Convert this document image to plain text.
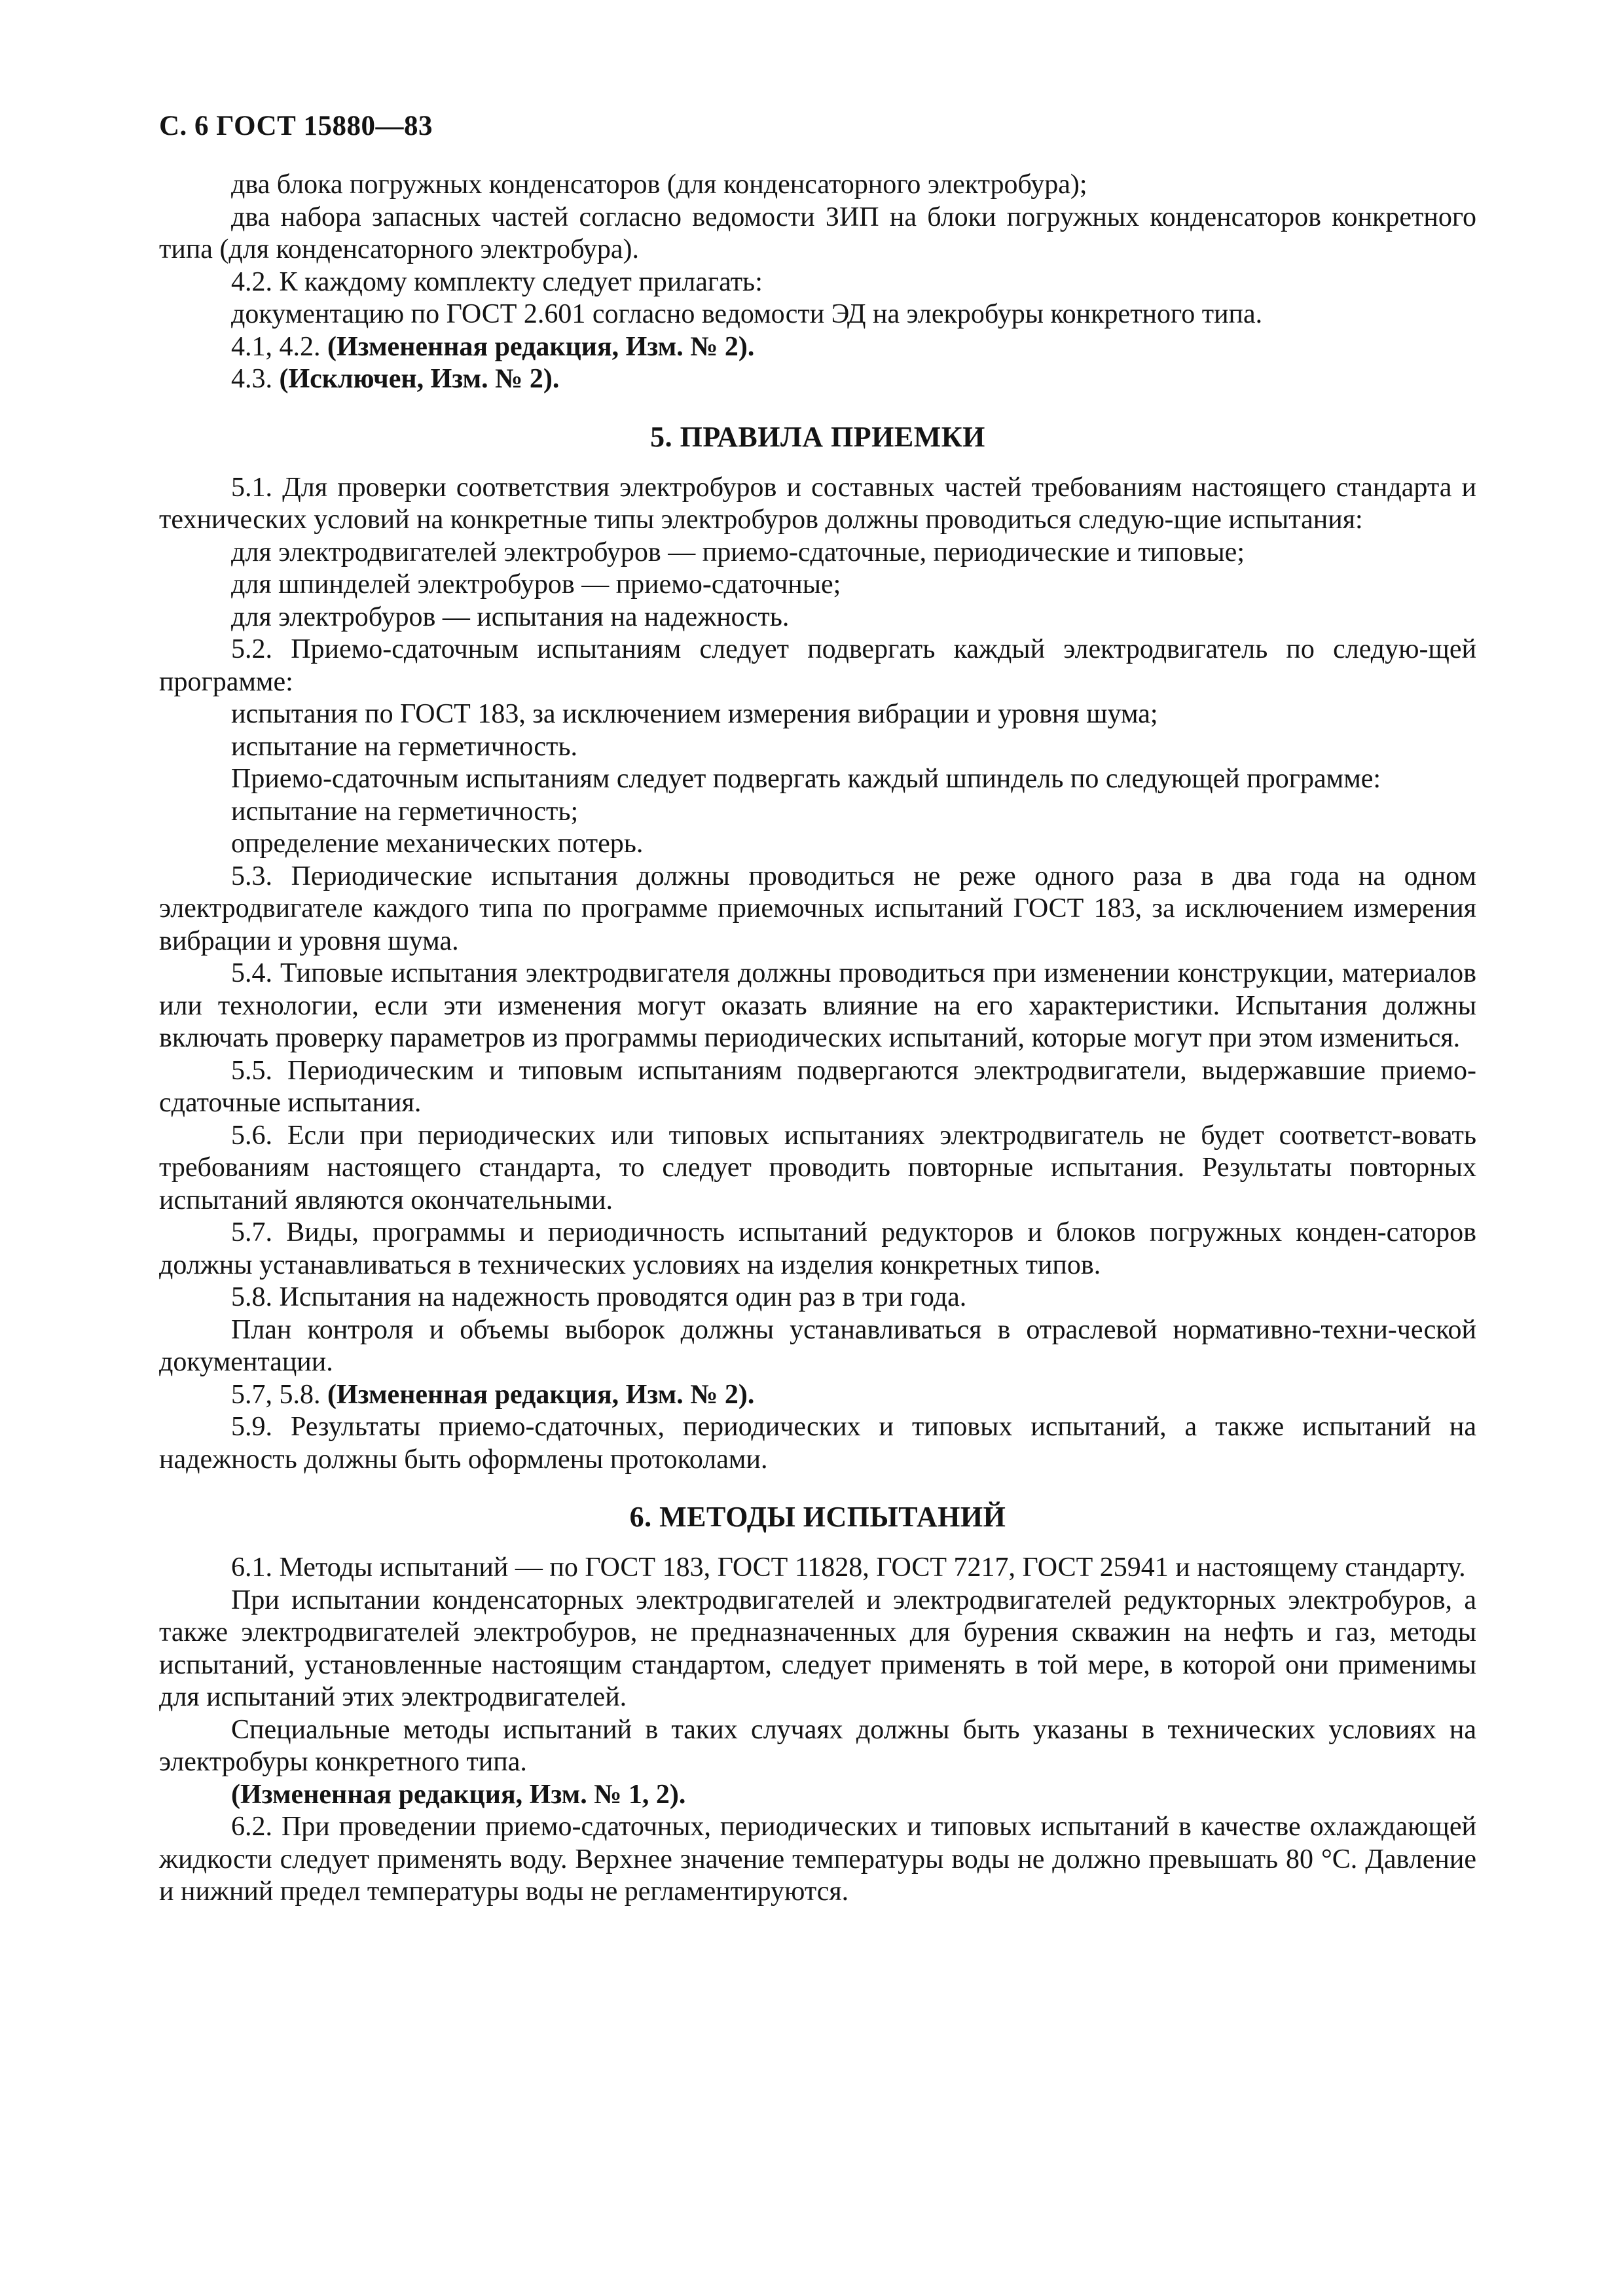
С. 6 ГОСТ 15880—83

два блока погружных конденсаторов (для конденсаторного электробура);

два набора запасных частей согласно ведомости ЗИП на блоки погружных конденсаторов конкретного типа (для конденсаторного электробура).

4.2. К каждому комплекту следует прилагать:

документацию по ГОСТ 2.601 согласно ведомости ЭД на элекробуры конкретного типа.

4.1, 4.2. (Измененная редакция, Изм. № 2).

4.3. (Исключен, Изм. № 2).

5. ПРАВИЛА ПРИЕМКИ

5.1. Для проверки соответствия электробуров и составных частей требованиям настоящего стандарта и технических условий на конкретные типы электробуров должны проводиться следую-щие испытания:

для электродвигателей электробуров — приемо-сдаточные, периодические и типовые;

для шпинделей электробуров — приемо-сдаточные;

для электробуров — испытания на надежность.

5.2. Приемо-сдаточным испытаниям следует подвергать каждый электродвигатель по следую-щей программе:

испытания по ГОСТ 183, за исключением измерения вибрации и уровня шума;

испытание на герметичность.

Приемо-сдаточным испытаниям следует подвергать каждый шпиндель по следующей программе:

испытание на герметичность;

определение механических потерь.

5.3. Периодические испытания должны проводиться не реже одного раза в два года на одном электродвигателе каждого типа по программе приемочных испытаний ГОСТ 183, за исключением измерения вибрации и уровня шума.

5.4. Типовые испытания электродвигателя должны проводиться при изменении конструкции, материалов или технологии, если эти изменения могут оказать влияние на его характеристики. Испытания должны включать проверку параметров из программы периодических испытаний, которые могут при этом измениться.

5.5. Периодическим и типовым испытаниям подвергаются электродвигатели, выдержавшие приемо-сдаточные испытания.

5.6. Если при периодических или типовых испытаниях электродвигатель не будет соответст-вовать требованиям настоящего стандарта, то следует проводить повторные испытания. Результаты повторных испытаний являются окончательными.

5.7. Виды, программы и периодичность испытаний редукторов и блоков погружных конден-саторов должны устанавливаться в технических условиях на изделия конкретных типов.

5.8. Испытания на надежность проводятся один раз в три года.

План контроля и объемы выборок должны устанавливаться в отраслевой нормативно-техни-ческой документации.

5.7, 5.8. (Измененная редакция, Изм. № 2).

5.9. Результаты приемо-сдаточных, периодических и типовых испытаний, а также испытаний на надежность должны быть оформлены протоколами.

6. МЕТОДЫ ИСПЫТАНИЙ

6.1. Методы испытаний — по ГОСТ 183, ГОСТ 11828, ГОСТ 7217, ГОСТ 25941 и настоящему стандарту.

При испытании конденсаторных электродвигателей и электродвигателей редукторных электробуров, а также электродвигателей электробуров, не предназначенных для бурения скважин на нефть и газ, методы испытаний, установленные настоящим стандартом, следует применять в той мере, в которой они применимы для испытаний этих электродвигателей.

Специальные методы испытаний в таких случаях должны быть указаны в технических условиях на электробуры конкретного типа.

(Измененная редакция, Изм. № 1, 2).

6.2. При проведении приемо-сдаточных, периодических и типовых испытаний в качестве охлаждающей жидкости следует применять воду. Верхнее значение температуры воды не должно превышать 80 °С. Давление и нижний предел температуры воды не регламентируются.
